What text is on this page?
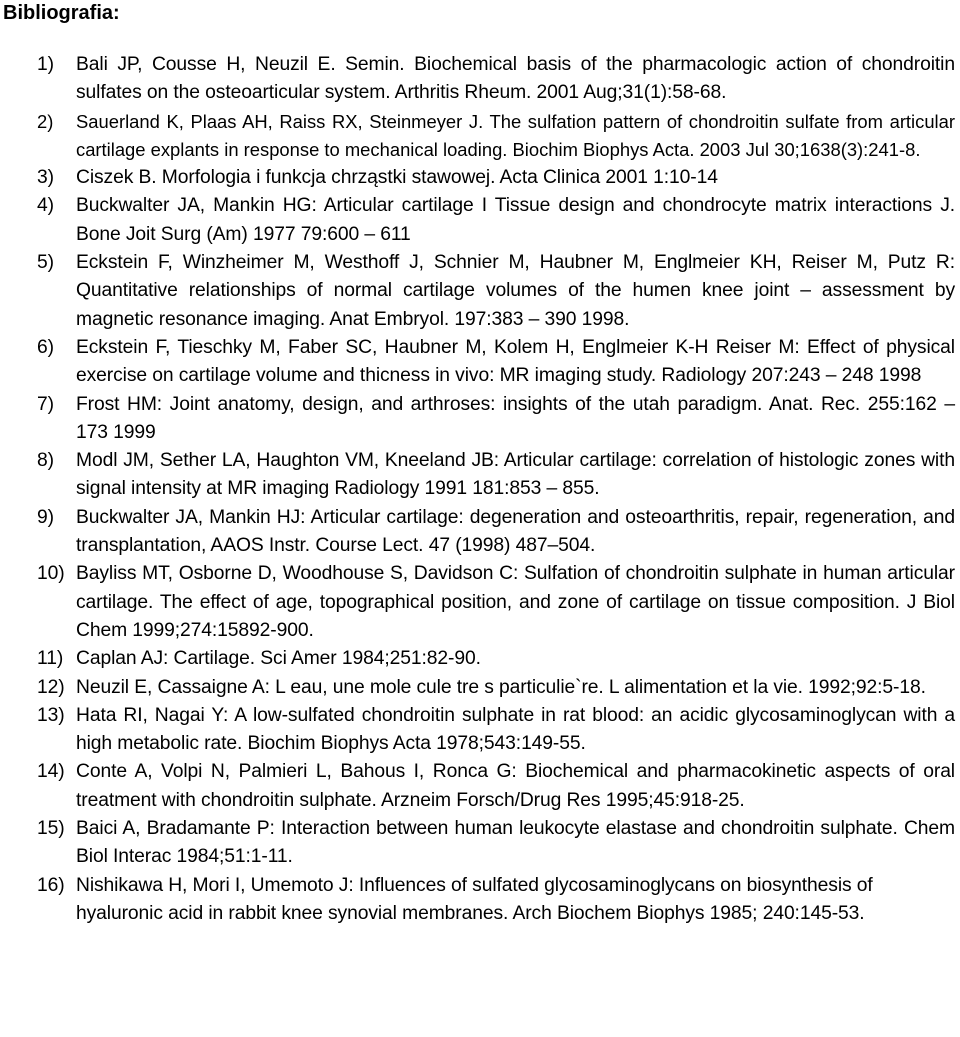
Bibliografia:
1) Bali JP, Cousse H, Neuzil E. Semin. Biochemical basis of the pharmacologic action of chondroitin sulfates on the osteoarticular system. Arthritis Rheum. 2001 Aug;31(1):58-68.
2) Sauerland K, Plaas AH, Raiss RX, Steinmeyer J. The sulfation pattern of chondroitin sulfate from articular cartilage explants in response to mechanical loading. Biochim Biophys Acta. 2003 Jul 30;1638(3):241-8.
3) Ciszek B. Morfologia i funkcja chrząstki stawowej. Acta Clinica 2001 1:10-14
4) Buckwalter JA, Mankin HG: Articular cartilage I Tissue design and chondrocyte matrix interactions J. Bone Joit Surg (Am) 1977 79:600 – 611
5) Eckstein F, Winzheimer M, Westhoff J, Schnier M, Haubner M, Englmeier KH, Reiser M, Putz R: Quantitative relationships of normal cartilage volumes of the humen knee joint – assessment by magnetic resonance imaging. Anat Embryol. 197:383 – 390 1998.
6) Eckstein F, Tieschky M, Faber SC, Haubner M, Kolem H, Englmeier K-H Reiser M: Effect of physical exercise on cartilage volume and thicness in vivo: MR imaging study. Radiology 207:243 – 248 1998
7) Frost HM: Joint anatomy, design, and arthroses: insights of the utah paradigm. Anat. Rec. 255:162 – 173 1999
8) Modl JM, Sether LA, Haughton VM, Kneeland JB: Articular cartilage: correlation of histologic zones with signal intensity at MR imaging Radiology 1991 181:853 – 855.
9) Buckwalter JA, Mankin HJ: Articular cartilage: degeneration and osteoarthritis, repair, regeneration, and transplantation, AAOS Instr. Course Lect. 47 (1998) 487–504.
10) Bayliss MT, Osborne D, Woodhouse S, Davidson C: Sulfation of chondroitin sulphate in human articular cartilage. The effect of age, topographical position, and zone of cartilage on tissue composition. J Biol Chem 1999;274:15892-900.
11) Caplan AJ: Cartilage. Sci Amer 1984;251:82-90.
12) Neuzil E, Cassaigne A: L eau, une mole cule tre s particulie`re. L alimentation et la vie. 1992;92:5-18.
13) Hata RI, Nagai Y: A low-sulfated chondroitin sulphate in rat blood: an acidic glycosaminoglycan with a high metabolic rate. Biochim Biophys Acta 1978;543:149-55.
14) Conte A, Volpi N, Palmieri L, Bahous I, Ronca G: Biochemical and pharmacokinetic aspects of oral treatment with chondroitin sulphate. Arzneim Forsch/Drug Res 1995;45:918-25.
15) Baici A, Bradamante P: Interaction between human leukocyte elastase and chondroitin sulphate. Chem Biol Interac 1984;51:1-11.
16) Nishikawa H, Mori I, Umemoto J: Influences of sulfated glycosaminoglycans on biosynthesis of hyaluronic acid in rabbit knee synovial membranes. Arch Biochem Biophys 1985; 240:145-53.
